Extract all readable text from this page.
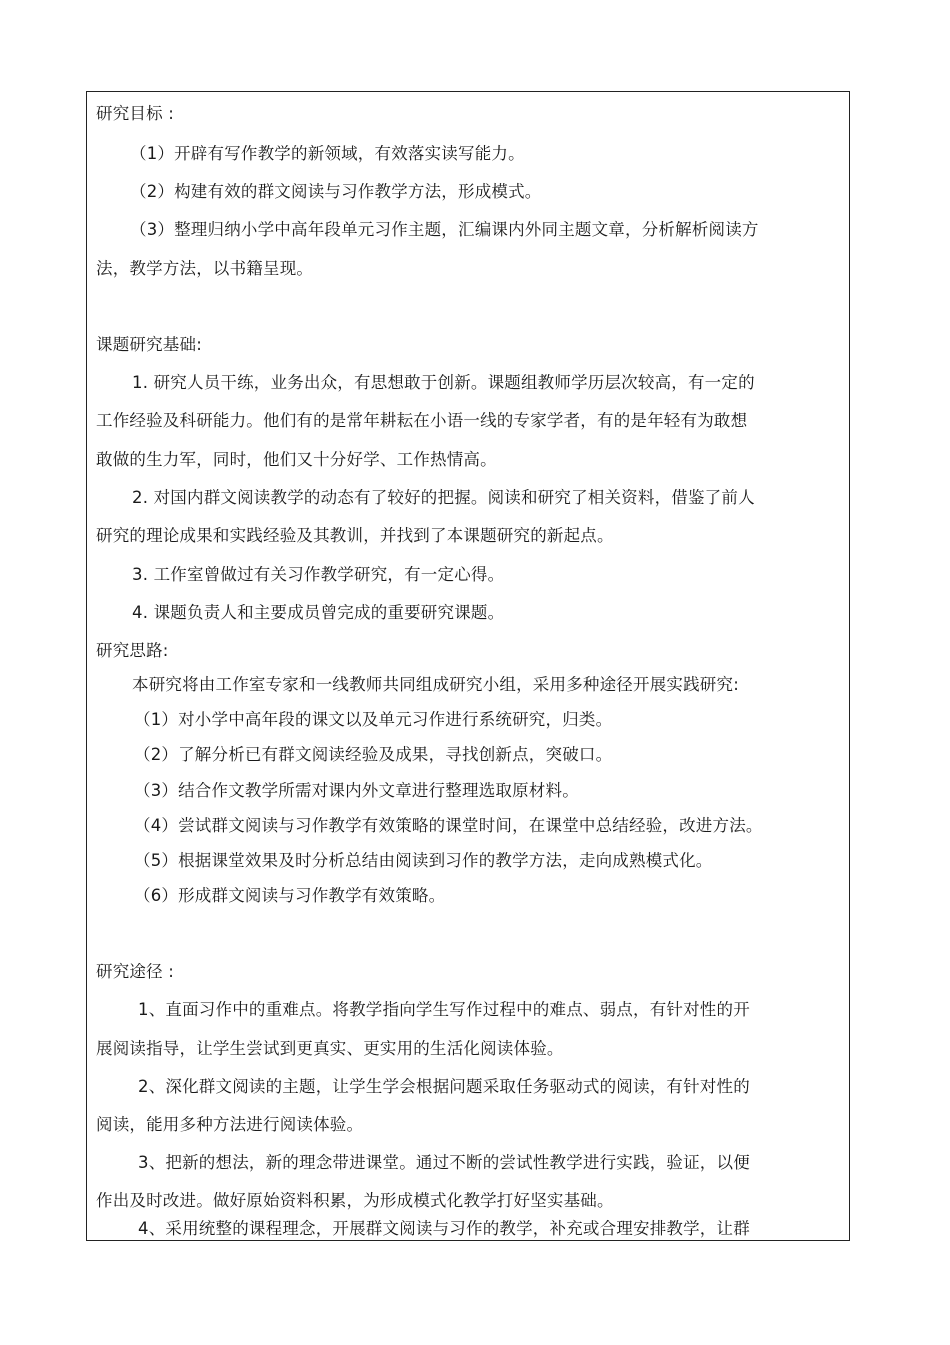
研究目标 :
（1）开辟有写作教学的新领域，有效落实读写能力。
（2）构建有效的群文阅读与习作教学方法，形成模式。
（3）整理归纳小学中高年段单元习作主题，汇编课内外同主题文章，分析解析阅读方
法，教学方法，以书籍呈现。
课题研究基础:
1. 研究人员干练，业务出众，有思想敢于创新。课题组教师学历层次较高，有一定的
工作经验及科研能力。他们有的是常年耕耘在小语一线的专家学者，有的是年轻有为敢想
敢做的生力军，同时，他们又十分好学、工作热情高。
2. 对国内群文阅读教学的动态有了较好的把握。阅读和研究了相关资料，借鉴了前人
研究的理论成果和实践经验及其教训，并找到了本课题研究的新起点。
3. 工作室曾做过有关习作教学研究，有一定心得。
4. 课题负责人和主要成员曾完成的重要研究课题。
研究思路:
本研究将由工作室专家和一线教师共同组成研究小组，采用多种途径开展实践研究:
（1）对小学中高年段的课文以及单元习作进行系统研究，归类。
（2）了解分析已有群文阅读经验及成果，寻找创新点，突破口。
（3）结合作文教学所需对课内外文章进行整理选取原材料。
（4）尝试群文阅读与习作教学有效策略的课堂时间，在课堂中总结经验，改进方法。
（5）根据课堂效果及时分析总结由阅读到习作的教学方法，走向成熟模式化。
（6）形成群文阅读与习作教学有效策略。
研究途径 :
1、直面习作中的重难点。将教学指向学生写作过程中的难点、弱点，有针对性的开
展阅读指导，让学生尝试到更真实、更实用的生活化阅读体验。
2、深化群文阅读的主题，让学生学会根据问题采取任务驱动式的阅读，有针对性的
阅读，能用多种方法进行阅读体验。
3、把新的想法，新的理念带进课堂。通过不断的尝试性教学进行实践，验证，以便
作出及时改进。做好原始资料积累，为形成模式化教学打好坚实基础。
4、采用统整的课程理念，开展群文阅读与习作的教学，补充或合理安排教学，让群
